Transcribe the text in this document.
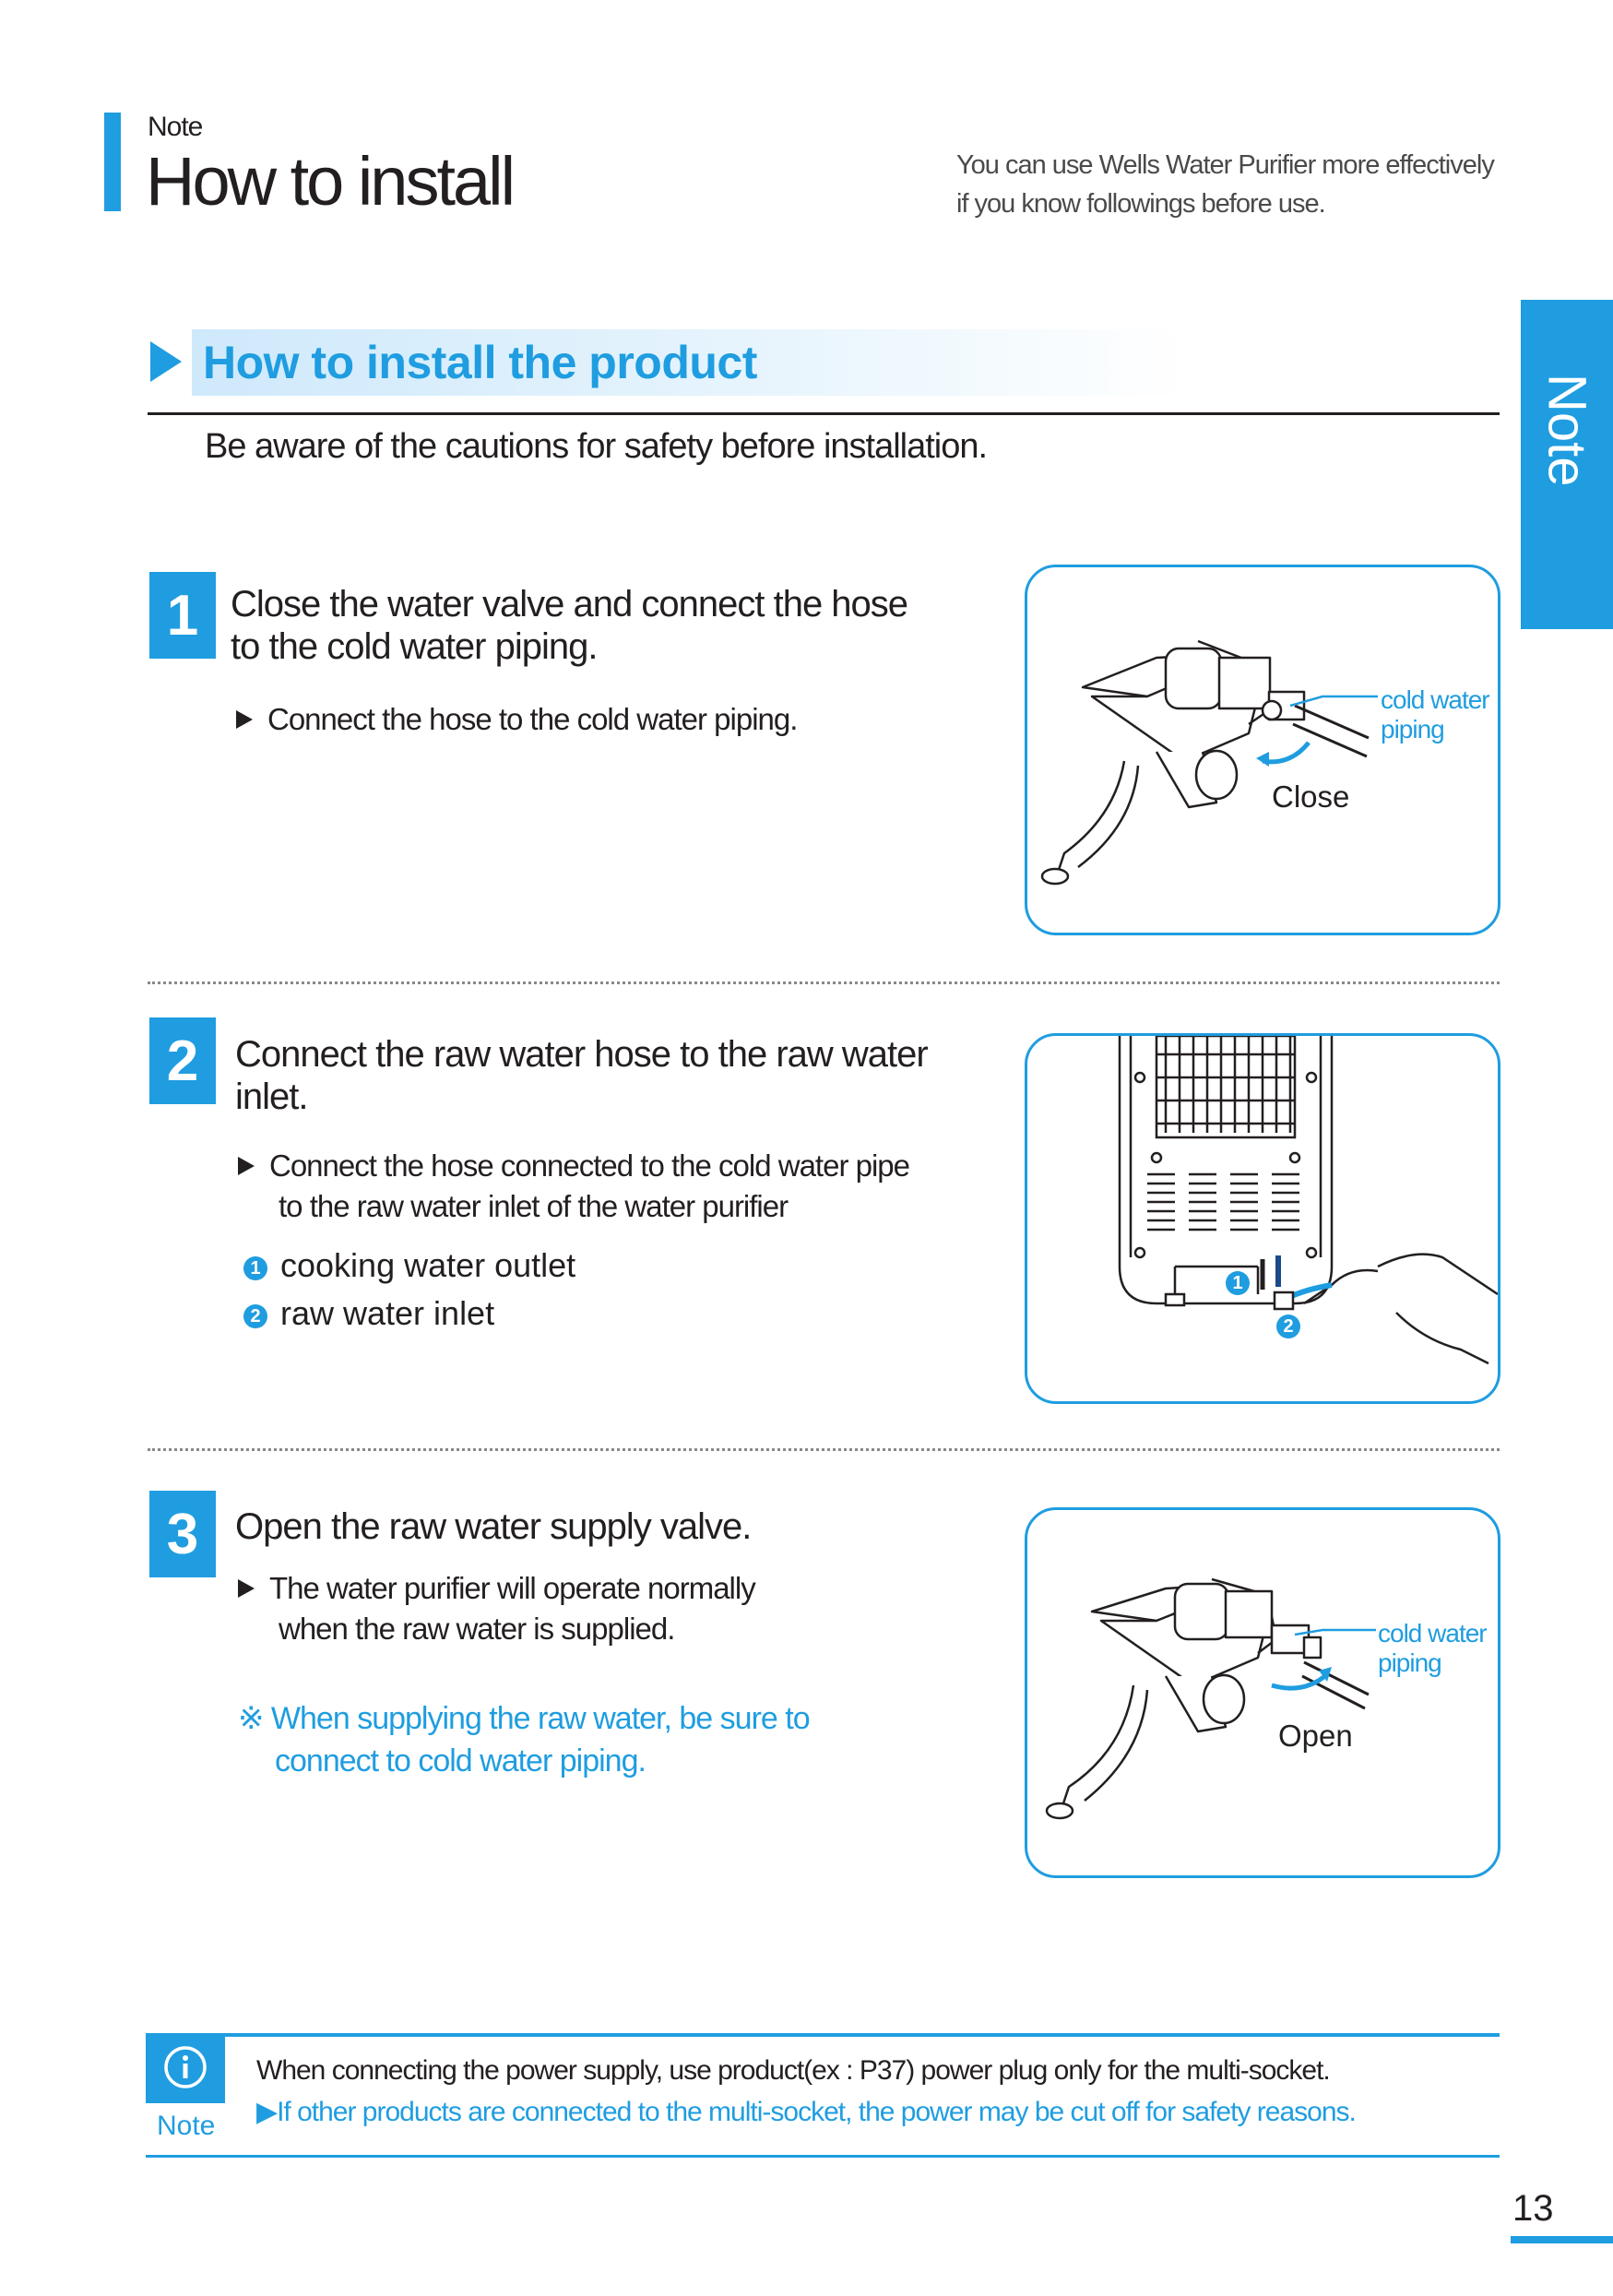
Note
How to install	You can use Wells Water Purifier more effectively
if you know followings before use.
Note
How to install the product
Be aware of the cautions for safety before installation.
1 Close the water valve and connect the hose
to the cold water piping.
Connect the hose to the cold water piping.
cold water
piping
Close
2 Connect the raw water hose to the raw water
inlet.
Connect the hose connected to the cold water pipe
to the raw water inlet of the water purifier
1 cooking water outlet
2 raw water inlet
1
2
3 Open the raw water supply valve.
The water purifier will operate normally
when the raw water is supplied.
※ When supplying the raw water, be sure to
connect to cold water piping.
cold water
piping
Open
Note
When connecting the power supply, use product(ex : P37) power plug only for the multi-socket.
▶If other products are connected to the multi-socket, the power may be cut off for safety reasons.
13
